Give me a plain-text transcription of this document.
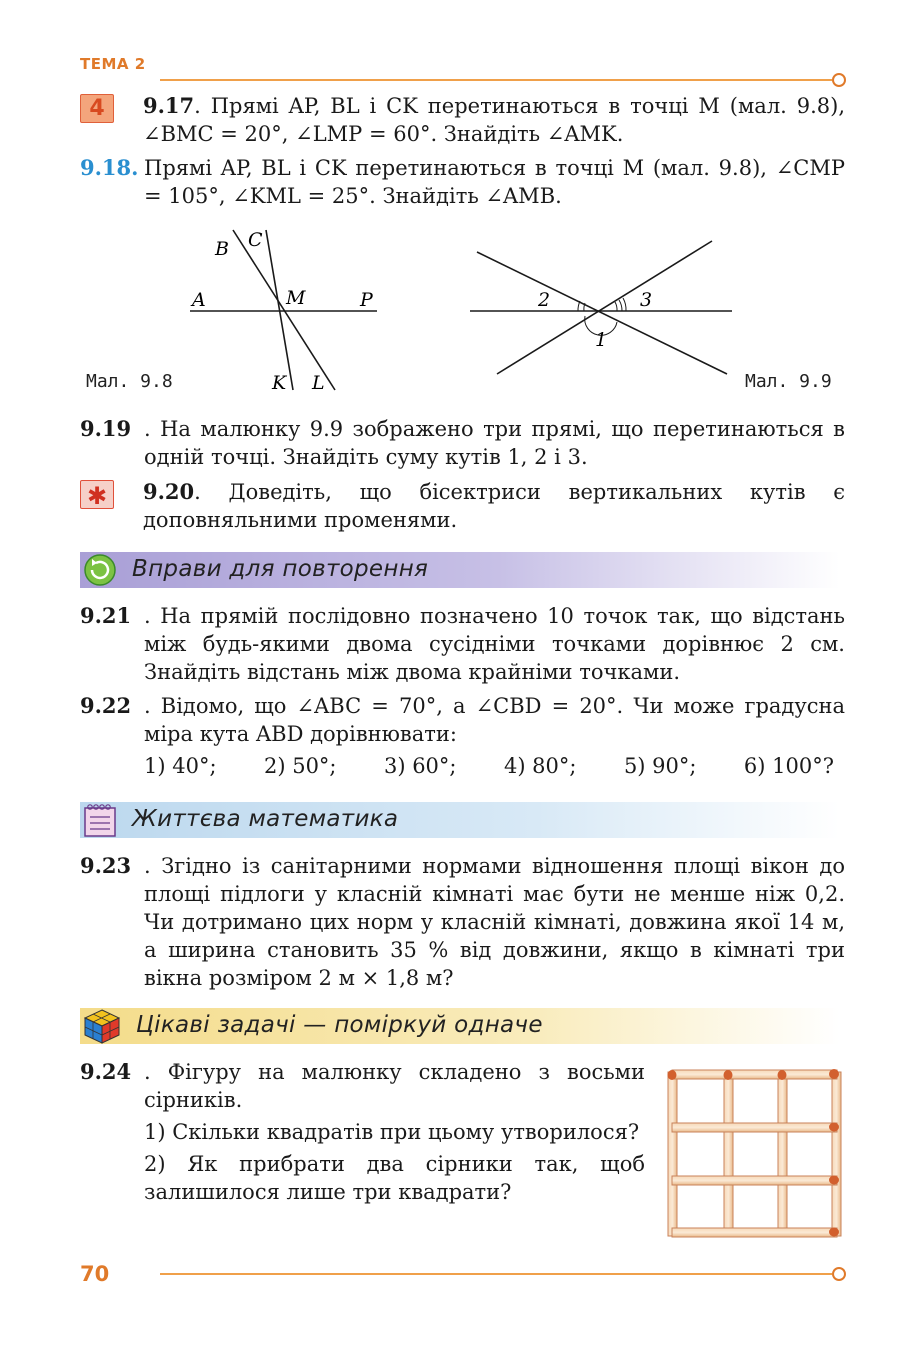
ТЕМА 2
4	9.17. Прямі AP, BL і CK перетинаються в точці M (мал. 9.8), ∠BMC = 20°, ∠LMP = 60°. Знайдіть ∠AMK.
9.18. Прямі AP, BL і CK перетинаються в точці M (мал. 9.8), ∠CMP = 105°, ∠KML = 25°. Знайдіть ∠AMB.
A
B C
M	P
K L
Мал. 9.8
2	3
1
Мал. 9.9
9.19 . На малюнку 9.9 зображено три прямі, що перетинаються в одній точці. Знайдіть суму кутів 1, 2 і 3.
✱	9.20. Доведіть, що бісектриси вертикальних кутів є доповняльними променями.
Вправи для повторення
9.21 . На прямій послідовно позначено 10 точок так, що відстань між будь-якими двома сусідніми точками дорівнює 2 см. Знайдіть відстань між двома крайніми точками.
9.22 . Відомо, що ∠ABC = 70°, а ∠CBD = 20°. Чи може градусна міра кута ABD дорівнювати:
1) 40°; 2) 50°; 3) 60°; 4) 80°; 5) 90°; 6) 100°?
Життєва математика
9.23 . Згідно із санітарними нормами відношення площі вікон до площі підлоги у класній кімнаті має бути не менше ніж 0,2. Чи дотримано цих норм у класній кімнаті, довжина якої 14 м, а ширина становить 35 % від довжини, якщо в кімнаті три вікна розміром 2 м × 1,8 м?
Цікаві задачі — поміркуй одначе
9.24 . Фігуру на малюнку складено з восьми сірників.
1) Скільки квадратів при цьому утворилося?
2) Як прибрати два сірники так, щоб залишилося лише три квадрати?
70
